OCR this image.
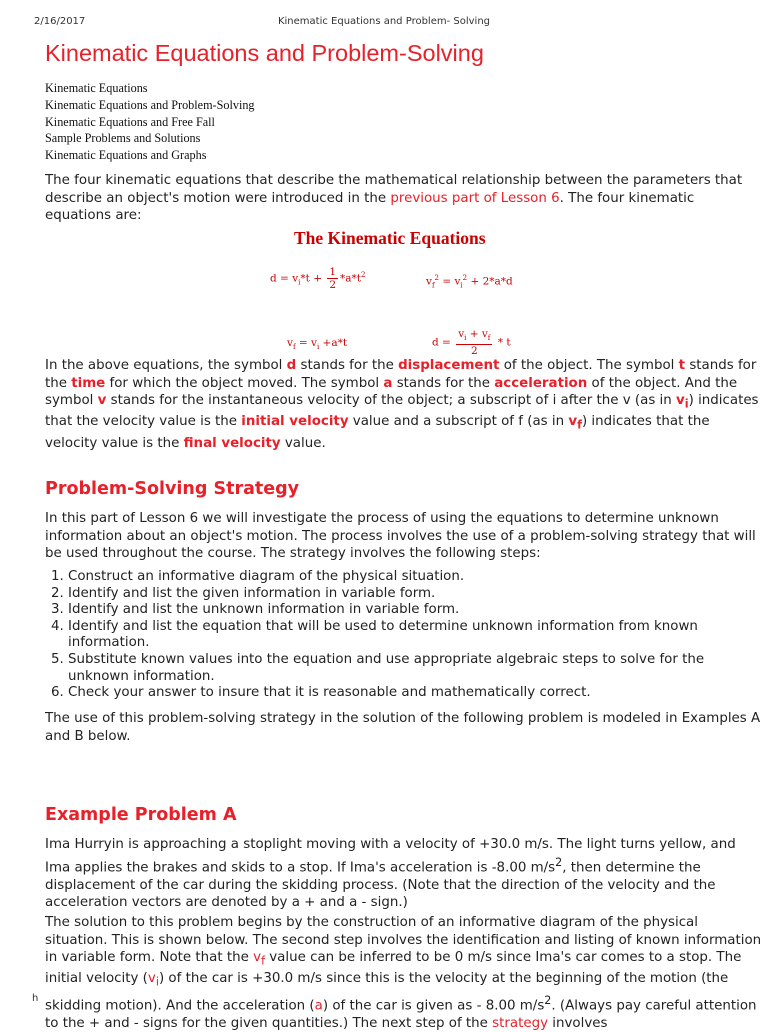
2/16/2017	Kinematic Equations and Problem- Solving
Kinematic Equations and Problem-Solving
Kinematic Equations
Kinematic Equations and Problem-Solving
Kinematic Equations and Free Fall
Sample Problems and Solutions
Kinematic Equations and Graphs

The four kinematic equations that describe the mathematical relationship between the parameters that describe an object's motion were introduced in the previous part of Lesson 6. The four kinematic equations are:

The Kinematic Equations
$d = v_i*t + \frac{1}{2} *a*t^2$
$v_f^2 = v_i^2 + 2*a*d$
$v_f = v_i +a*t$	$d = \frac{v_i + v_f}{2} * t$

In the above equations, the symbol d stands for the displacement of the object. The symbol t stands for the time for which the object moved. The symbol a stands for the acceleration of the object. And the symbol v stands for the instantaneous velocity of the object; a subscript of i after the v (as in $v_i$) indicates that the velocity value is the initial velocity value and a subscript of f (as in $v_f$) indicates that the velocity value is the final velocity value.

Problem-Solving Strategy

In this part of Lesson 6 we will investigate the process of using the equations to determine unknown information about an object's motion. The process involves the use of a problem-solving strategy that will be used throughout the course. The strategy involves the following steps:

1. Construct an informative diagram of the physical situation.
2. Identify and list the given information in variable form.
3. Identify and list the unknown information in variable form.
4. Identify and list the equation that will be used to determine unknown information from known information.
5. Substitute known values into the equation and use appropriate algebraic steps to solve for the unknown information.
6. Check your answer to insure that it is reasonable and mathematically correct.

The use of this problem-solving strategy in the solution of the following problem is modeled in Examples A and B below.

Example Problem A

Ima Hurryin is approaching a stoplight moving with a velocity of +30.0 m/s. The light turns yellow, and Ima applies the brakes and skids to a stop. If Ima's acceleration is -8.00 $m/s^2$, then determine the displacement of the car during the skidding process. (Note that the direction of the velocity and the acceleration vectors are denoted by a + and a - sign.)

The solution to this problem begins by the construction of an informative diagram of the physical situation. This is shown below. The second step involves the identification and listing of known information in variable form. Note that the $v_f$ value can be inferred to be 0 m/s since Ima's car comes to a stop. The initial velocity $(v_i)$ of the car is +30.0 m/s since this is the velocity at the beginning of the motion (the skidding motion). And the acceleration (a) of the car is given as - 8.00 $m/s^2$. (Always pay careful attention to the + and - signs for the given quantities.) The next step of the strategy involves

h
